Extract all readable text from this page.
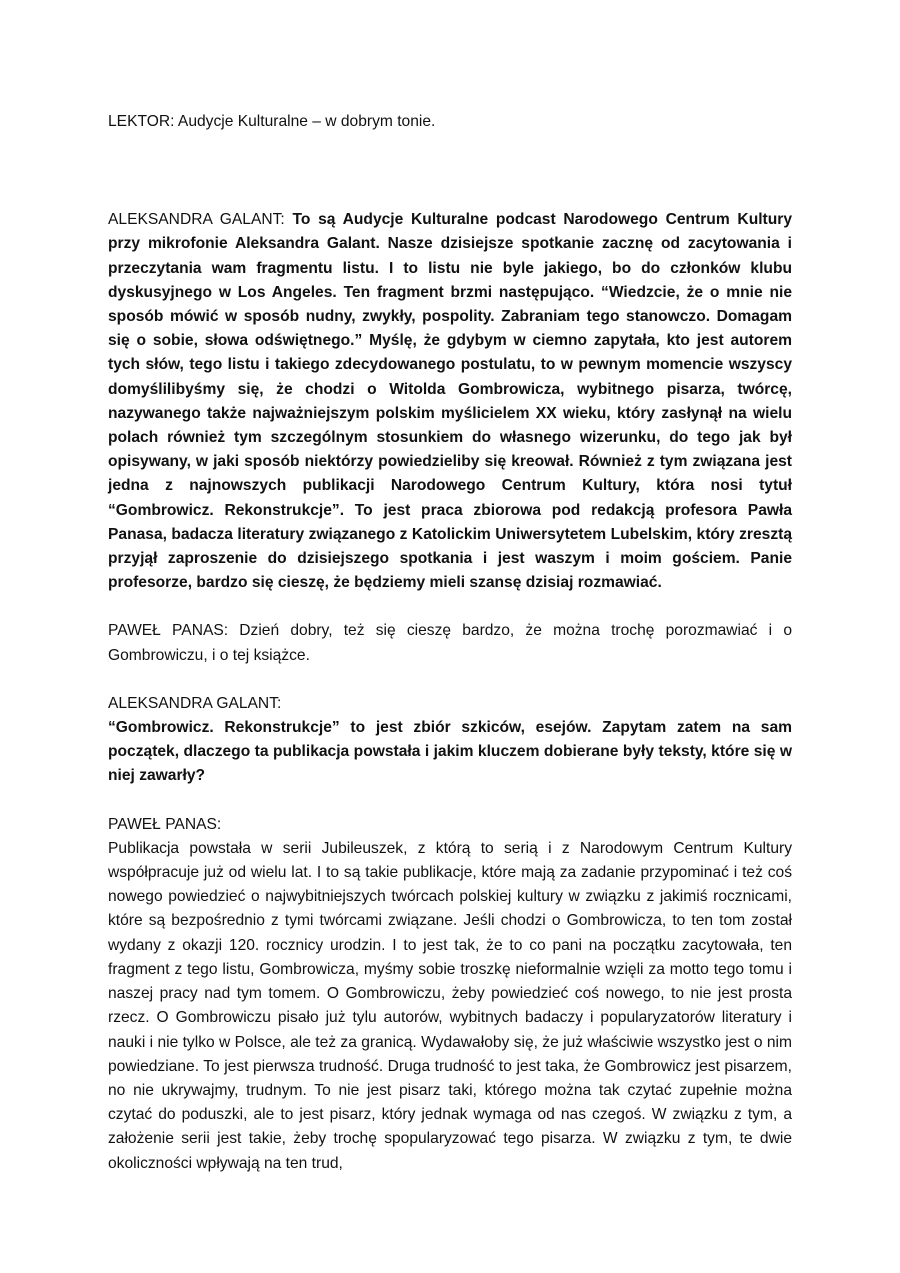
LEKTOR: Audycje Kulturalne – w dobrym tonie.

ALEKSANDRA GALANT: To są Audycje Kulturalne podcast Narodowego Centrum Kultury przy mikrofonie Aleksandra Galant. Nasze dzisiejsze spotkanie zacznę od zacytowania i przeczytania wam fragmentu listu. I to listu nie byle jakiego, bo do członków klubu dyskusyjnego w Los Angeles. Ten fragment brzmi następująco. “Wiedzcie, że o mnie nie sposób mówić w sposób nudny, zwykły, pospolity. Zabraniam tego stanowczo. Domagam się o sobie, słowa odświętnego.” Myślę, że gdybym w ciemno zapytała, kto jest autorem tych słów, tego listu i takiego zdecydowanego postulatu, to w pewnym momencie wszyscy domyślilibyśmy się, że chodzi o Witolda Gombrowicza, wybitnego pisarza, twórcę, nazywanego także najważniejszym polskim myślicielem XX wieku, który zasłynął na wielu polach również tym szczególnym stosunkiem do własnego wizerunku, do tego jak był opisywany, w jaki sposób niektórzy powiedzieliby się kreował. Również z tym związana jest jedna z najnowszych publikacji Narodowego Centrum Kultury, która nosi tytuł “Gombrowicz. Rekonstrukcje”. To jest praca zbiorowa pod redakcją profesora Pawła Panasa, badacza literatury związanego z Katolickim Uniwersytetem Lubelskim, który zresztą przyjął zaproszenie do dzisiejszego spotkania i jest waszym i moim gościem. Panie profesorze, bardzo się cieszę, że będziemy mieli szansę dzisiaj rozmawiać.

PAWEŁ PANAS: Dzień dobry, też się cieszę bardzo, że można trochę porozmawiać i o Gombrowiczu, i o tej książce.

ALEKSANDRA GALANT:

“Gombrowicz. Rekonstrukcje” to jest zbiór szkiców, esejów. Zapytam zatem na sam początek, dlaczego ta publikacja powstała i jakim kluczem dobierane były teksty, które się w niej zawarły?

PAWEŁ PANAS:

Publikacja powstała w serii Jubileuszek, z którą to serią i z Narodowym Centrum Kultury współpracuje już od wielu lat. I to są takie publikacje, które mają za zadanie przypominać i też coś nowego powiedzieć o najwybitniejszych twórcach polskiej kultury w związku z jakimiś rocznicami, które są bezpośrednio z tymi twórcami związane. Jeśli chodzi o Gombrowicza, to ten tom został wydany z okazji 120. rocznicy urodzin. I to jest tak, że to co pani na początku zacytowała, ten fragment z tego listu, Gombrowicza, myśmy sobie troszkę nieformalnie wzięli za motto tego tomu i naszej pracy nad tym tomem. O Gombrowiczu, żeby powiedzieć coś nowego, to nie jest prosta rzecz. O Gombrowiczu pisało już tylu autorów, wybitnych badaczy i popularyzatorów literatury i nauki i nie tylko w Polsce, ale też za granicą. Wydawałoby się, że już właściwie wszystko jest o nim powiedziane. To jest pierwsza trudność. Druga trudność to jest taka, że Gombrowicz jest pisarzem, no nie ukrywajmy, trudnym. To nie jest pisarz taki, którego można tak czytać zupełnie można czytać do poduszki, ale to jest pisarz, który jednak wymaga od nas czegoś. W związku z tym, a założenie serii jest takie, żeby trochę spopularyzować tego pisarza. W związku z tym, te dwie okoliczności wpływają na ten trud,
